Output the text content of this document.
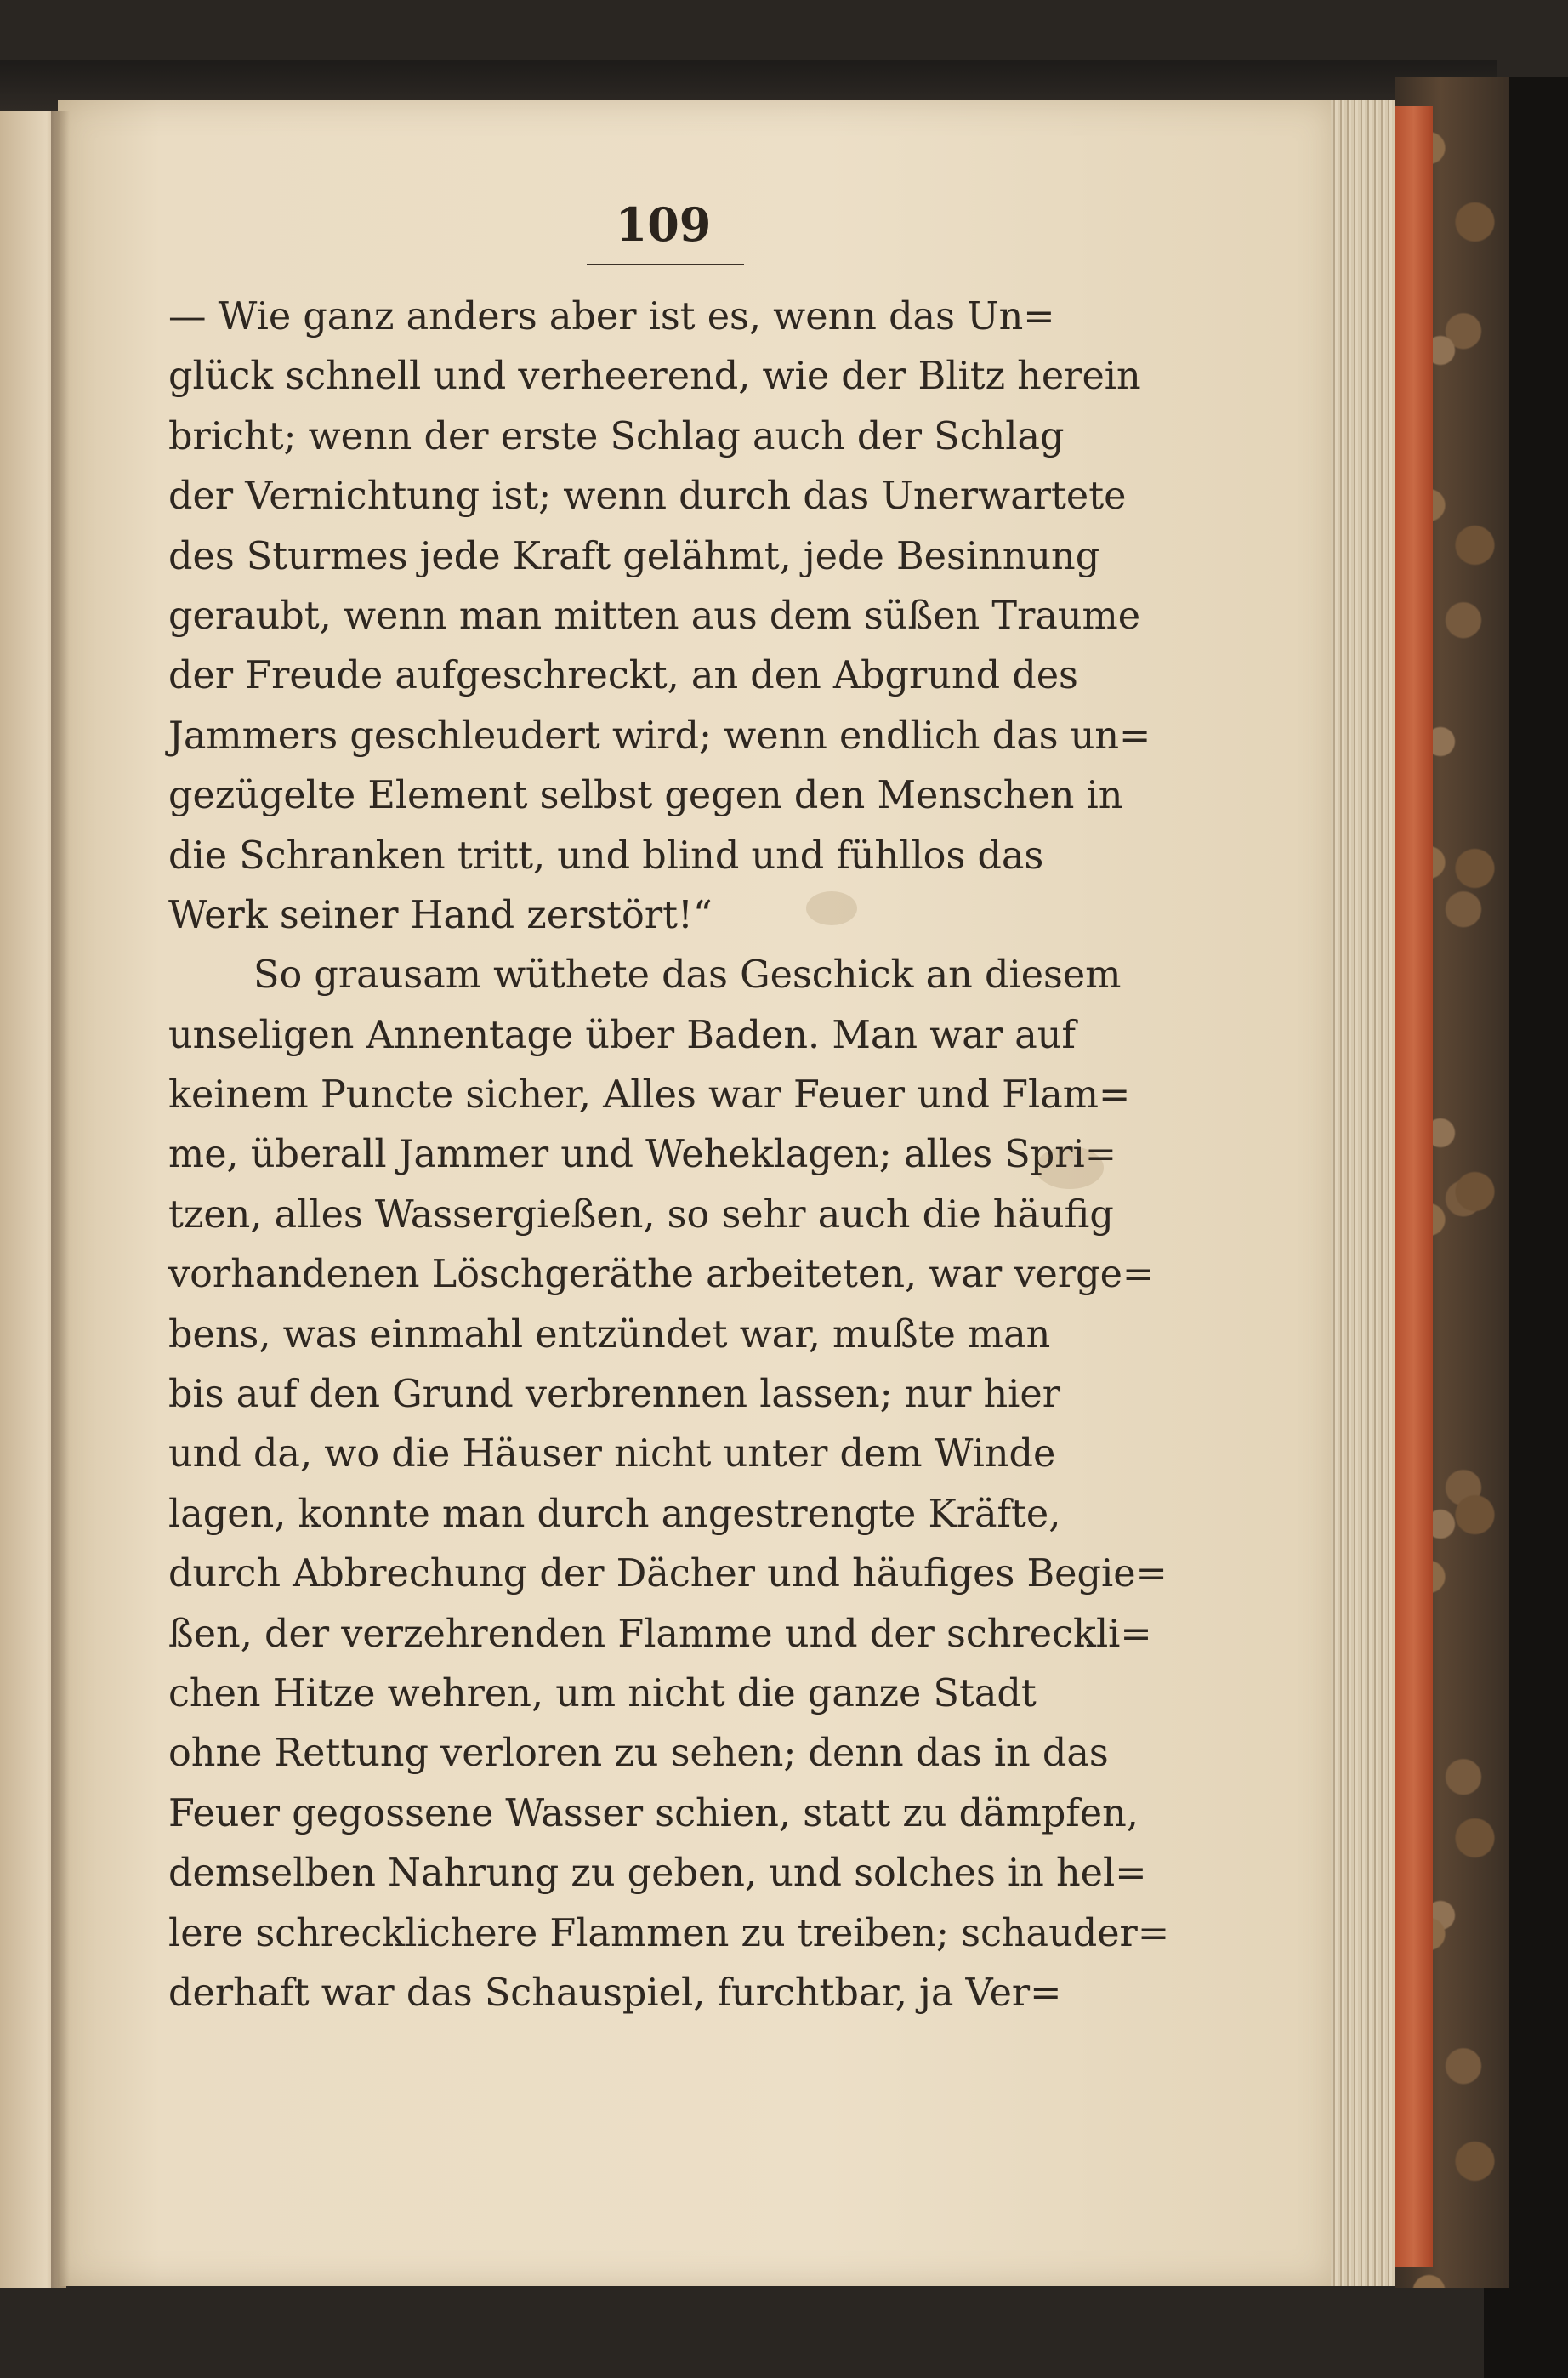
109
— Wie ganz anders aber ist es, wenn das Un=
glück schnell und verheerend, wie der Blitz herein
bricht; wenn der erste Schlag auch der Schlag
der Vernichtung ist; wenn durch das Unerwartete
des Sturmes jede Kraft gelähmt, jede Besinnung
geraubt, wenn man mitten aus dem süßen Traume
der Freude aufgeschreckt, an den Abgrund des
Jammers geschleudert wird; wenn endlich das un=
gezügelte Element selbst gegen den Menschen in
die Schranken tritt, und blind und fühllos das
Werk seiner Hand zerstört!“
So grausam wüthete das Geschick an diesem
unseligen Annentage über Baden. Man war auf
keinem Puncte sicher, Alles war Feuer und Flam=
me, überall Jammer und Weheklagen; alles Spri=
tzen, alles Wassergießen, so sehr auch die häufig
vorhandenen Löschgeräthe arbeiteten, war verge=
bens, was einmahl entzündet war, mußte man
bis auf den Grund verbrennen lassen; nur hier
und da, wo die Häuser nicht unter dem Winde
lagen, konnte man durch angestrengte Kräfte,
durch Abbrechung der Dächer und häufiges Begie=
ßen, der verzehrenden Flamme und der schreckli=
chen Hitze wehren, um nicht die ganze Stadt
ohne Rettung verloren zu sehen; denn das in das
Feuer gegossene Wasser schien, statt zu dämpfen,
demselben Nahrung zu geben, und solches in hel=
lere schrecklichere Flammen zu treiben; schauder=
derhaft war das Schauspiel, furchtbar, ja Ver=
